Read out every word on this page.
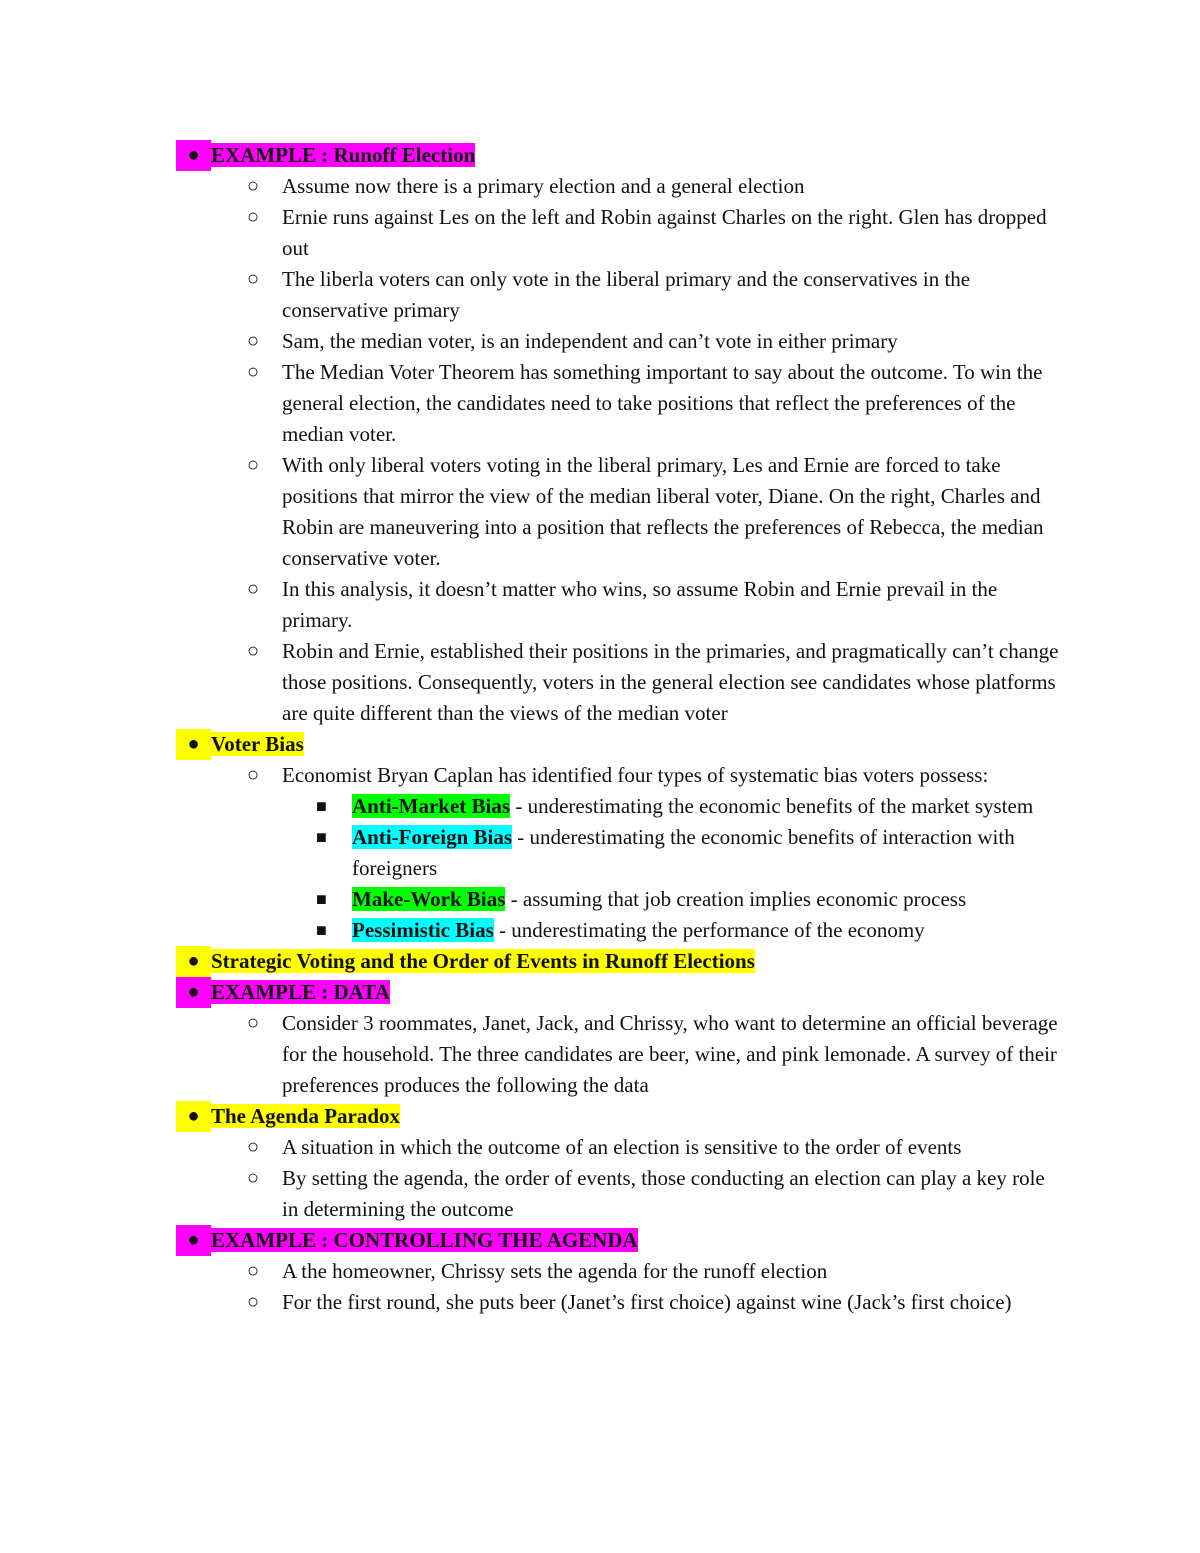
● EXAMPLE : Runoff Election
○ Assume now there is a primary election and a general election
○ Ernie runs against Les on the left and Robin against Charles on the right. Glen has dropped out
○ The liberla voters can only vote in the liberal primary and the conservatives in the conservative primary
○ Sam, the median voter, is an independent and can’t vote in either primary
○ The Median Voter Theorem has something important to say about the outcome. To win the general election, the candidates need to take positions that reflect the preferences of the median voter.
○ With only liberal voters voting in the liberal primary, Les and Ernie are forced to take positions that mirror the view of the median liberal voter, Diane. On the right, Charles and Robin are maneuvering into a position that reflects the preferences of Rebecca, the median conservative voter.
○ In this analysis, it doesn’t matter who wins, so assume Robin and Ernie prevail in the primary.
○ Robin and Ernie, established their positions in the primaries, and pragmatically can’t change those positions. Consequently, voters in the general election see candidates whose platforms are quite different than the views of the median voter
● Voter Bias
○ Economist Bryan Caplan has identified four types of systematic bias voters possess:
■ Anti-Market Bias - underestimating the economic benefits of the market system
■ Anti-Foreign Bias - underestimating the economic benefits of interaction with foreigners
■ Make-Work Bias - assuming that job creation implies economic process
■ Pessimistic Bias - underestimating the performance of the economy
● Strategic Voting and the Order of Events in Runoff Elections
● EXAMPLE : DATA
○ Consider 3 roommates, Janet, Jack, and Chrissy, who want to determine an official beverage for the household. The three candidates are beer, wine, and pink lemonade. A survey of their preferences produces the following the data
● The Agenda Paradox
○ A situation in which the outcome of an election is sensitive to the order of events
○ By setting the agenda, the order of events, those conducting an election can play a key role in determining the outcome
● EXAMPLE : CONTROLLING THE AGENDA
○ A the homeowner, Chrissy sets the agenda for the runoff election
○ For the first round, she puts beer (Janet’s first choice) against wine (Jack’s first choice)
